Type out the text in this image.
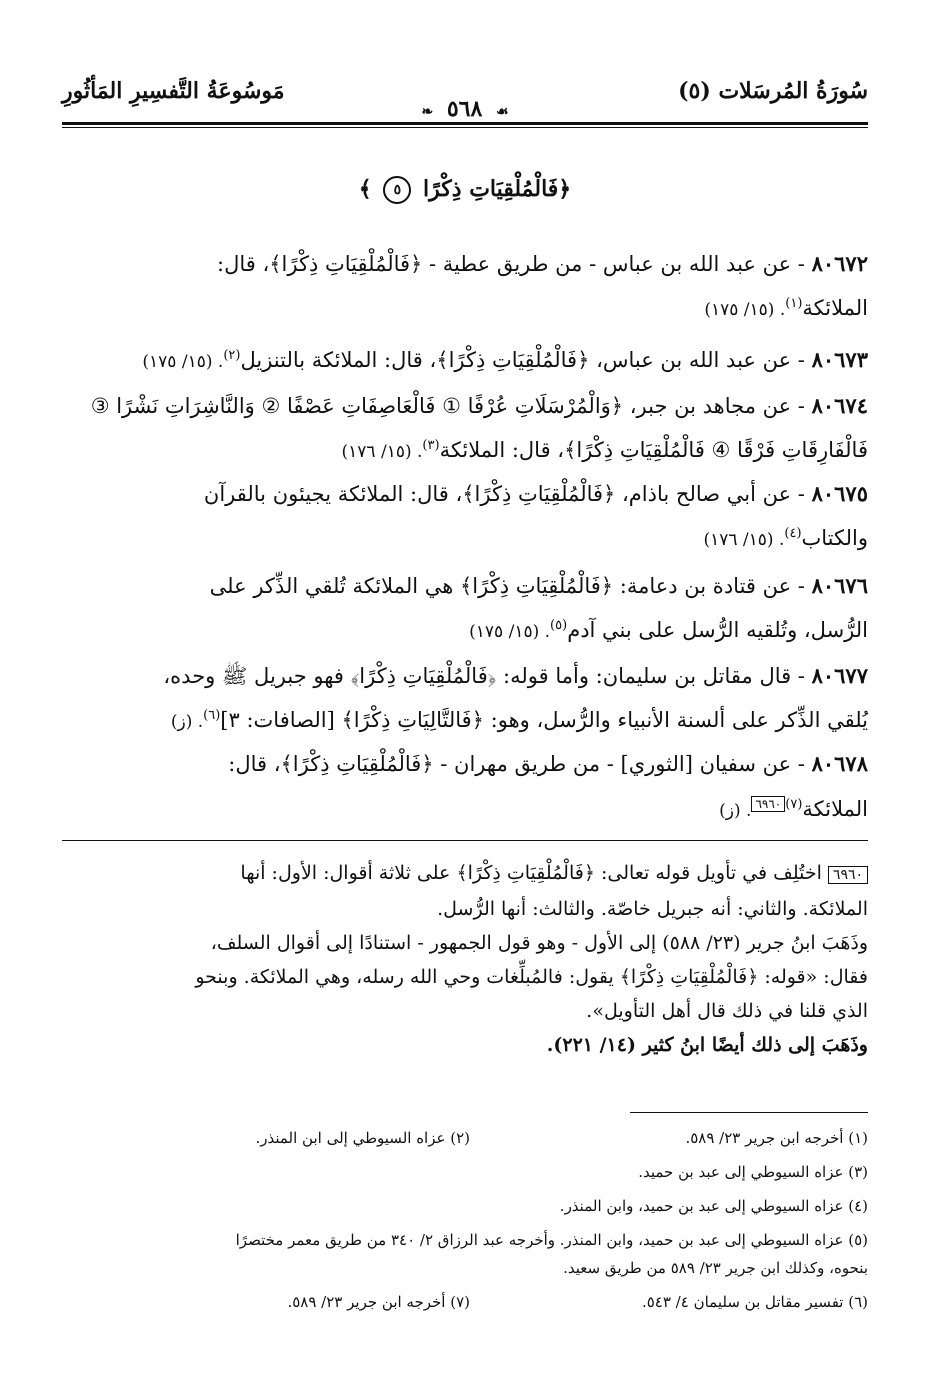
سُورَةُ المُرسَلات (٥)
مَوسُوعَةُ التَّفسِيرِ المَأثُورِ
❧ ٥٦٨ ☙
﴿فَالْمُلْقِيَاتِ ذِكْرًا ٥ ﴾
٨٠٦٧٢ - عن عبد الله بن عباس - من طريق عطية - ﴿فَالْمُلْقِيَاتِ ذِكْرًا﴾، قال:
الملائكة$^{(١)}$. (١٥/ ١٧٥)
٨٠٦٧٣ - عن عبد الله بن عباس، ﴿فَالْمُلْقِيَاتِ ذِكْرًا﴾، قال: الملائكة بالتنزيل$^{(٢)}$. (١٥/ ١٧٥)
٨٠٦٧٤ - عن مجاهد بن جبر، ﴿وَالْمُرْسَلَاتِ عُرْفًا ① فَالْعَاصِفَاتِ عَصْفًا ② وَالنَّاشِرَاتِ نَشْرًا ③
فَالْفَارِقَاتِ فَرْقًا ④ فَالْمُلْقِيَاتِ ذِكْرًا﴾، قال: الملائكة$^{(٣)}$. (١٥/ ١٧٦)
٨٠٦٧٥ - عن أبي صالح باذام، ﴿فَالْمُلْقِيَاتِ ذِكْرًا﴾، قال: الملائكة يجيئون بالقرآن
والكتاب$^{(٤)}$. (١٥/ ١٧٦)
٨٠٦٧٦ - عن قتادة بن دعامة: ﴿فَالْمُلْقِيَاتِ ذِكْرًا﴾ هي الملائكة تُلقي الذِّكر على
الرُّسل، وتُلقيه الرُّسل على بني آدم$^{(٥)}$. (١٥/ ١٧٥)
٨٠٦٧٧ - قال مقاتل بن سليمان: وأما قوله: ﴿فَالْمُلْقِيَاتِ ذِكْرًا﴾ فهو جبريل ﷺ وحده،
يُلقي الذِّكر على ألسنة الأنبياء والرُّسل، وهو: ﴿فَالتَّالِيَاتِ ذِكْرًا﴾ [الصافات: ٣]$^{(٦)}$. (ز)
٨٠٦٧٨ - عن سفيان [الثوري] - من طريق مهران - ﴿فَالْمُلْقِيَاتِ ذِكْرًا﴾، قال:
الملائكة$^{(٧)٦٩٦٠}$. (ز)
٦٩٦٠ اختُلِف في تأويل قوله تعالى: ﴿فَالْمُلْقِيَاتِ ذِكْرًا﴾ على ثلاثة أقوال: الأول: أنها
الملائكة. والثاني: أنه جبريل خاصّة. والثالث: أنها الرُّسل.
وذَهَبَ ابنُ جرير (٢٣/ ٥٨٨) إلى الأول - وهو قول الجمهور - استنادًا إلى أقوال السلف،
فقال: «قوله: ﴿فَالْمُلْقِيَاتِ ذِكْرًا﴾ يقول: فالمُبلِّغات وحي الله رسله، وهي الملائكة. وبنحو
الذي قلنا في ذلك قال أهل التأويل».
وذَهَبَ إلى ذلك أيضًا ابنُ كثير (١٤/ ٢٢١).
(١) أخرجه ابن جرير ٢٣/ ٥٨٩.
(٢) عزاه السيوطي إلى ابن المنذر.
(٣) عزاه السيوطي إلى عبد بن حميد.
(٤) عزاه السيوطي إلى عبد بن حميد، وابن المنذر.
(٥) عزاه السيوطي إلى عبد بن حميد، وابن المنذر. وأخرجه عبد الرزاق ٢/ ٣٤٠ من طريق معمر مختصرًا
بنحوه، وكذلك ابن جرير ٢٣/ ٥٨٩ من طريق سعيد.
(٦) تفسير مقاتل بن سليمان ٤/ ٥٤٣.
(٧) أخرجه ابن جرير ٢٣/ ٥٨٩.
